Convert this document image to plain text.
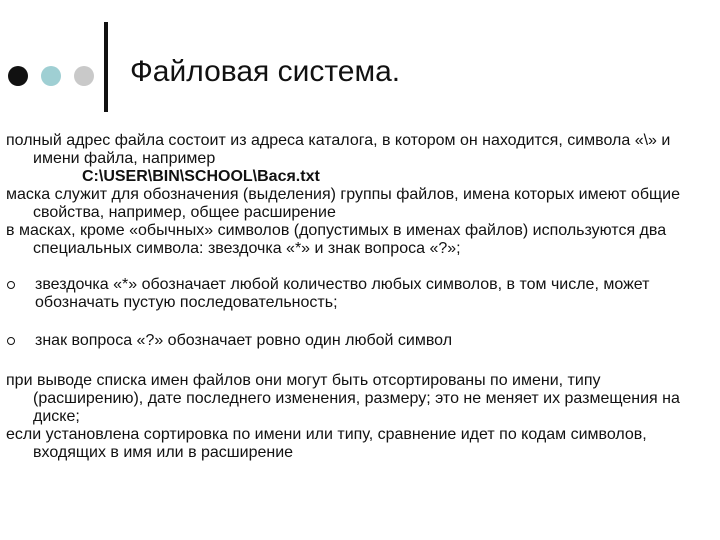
Файловая система.

полный адрес файла состоит из адреса каталога, в котором он находится, символа «\» и имени файла, например
C:\USER\BIN\SCHOOL\Вася.txt

маска служит для обозначения (выделения) группы файлов, имена которых имеют общие свойства, например, общее расширение

в масках, кроме «обычных» символов (допустимых в именах файлов) используются два специальных символа: звездочка «*» и знак вопроса «?»;

звездочка «*» обозначает любой количество любых символов, в том числе, может обозначать пустую последовательность;
знак вопроса «?» обозначает ровно один любой символ

при выводе списка имен файлов они могут быть отсортированы по имени, типу (расширению), дате последнего изменения, размеру; это не меняет их размещения на диске;

если установлена сортировка по имени или типу, сравнение идет по кодам символов, входящих в имя или в расширение
